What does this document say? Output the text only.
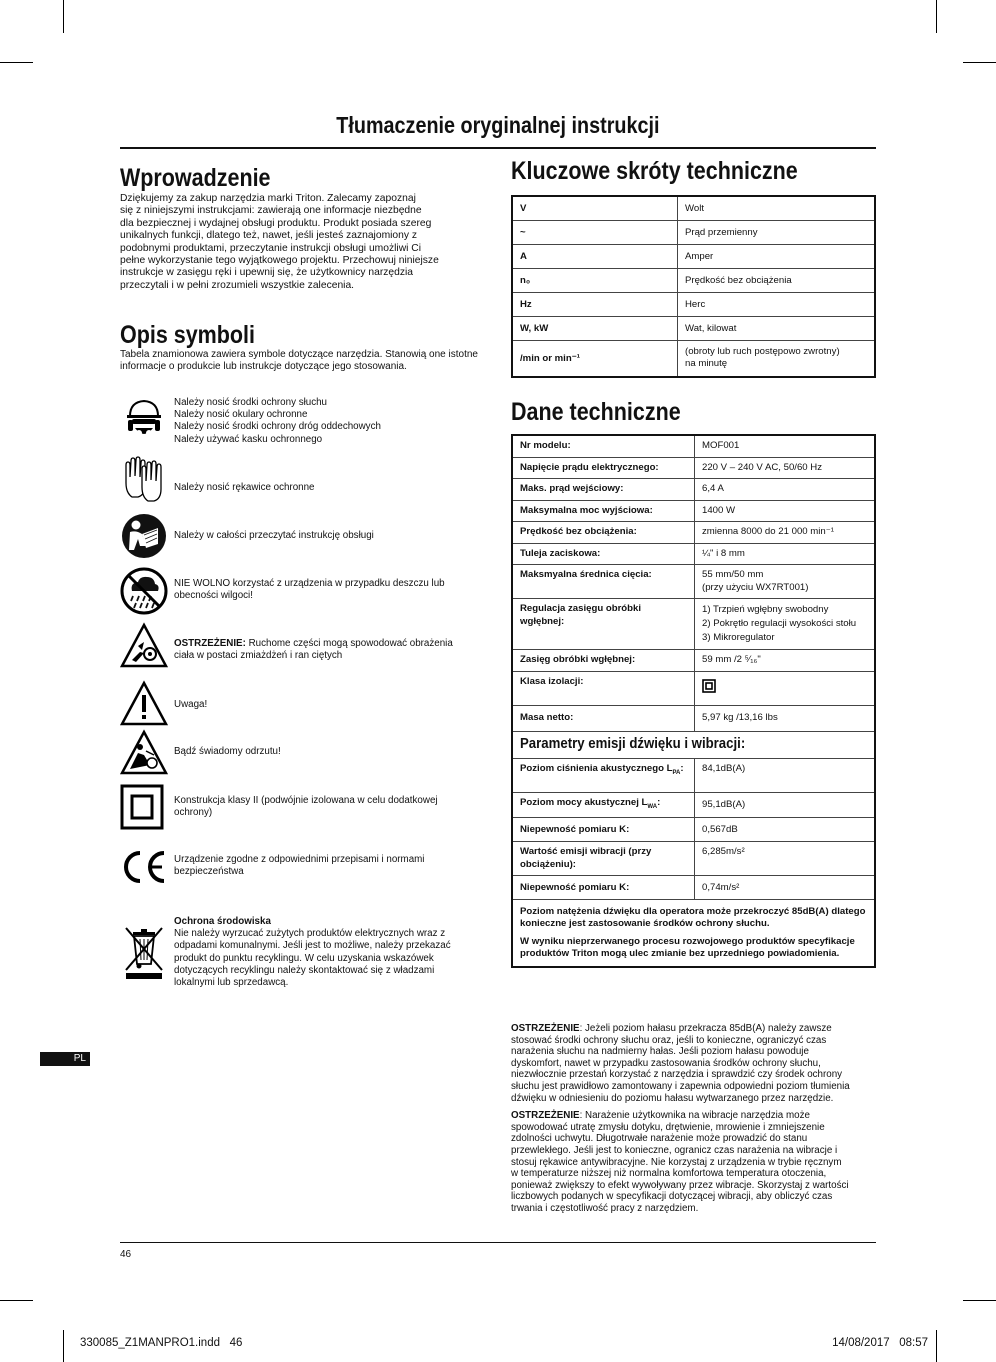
Tłumaczenie oryginalnej instrukcji
Wprowadzenie
Dziękujemy za zakup narzędzia marki Triton. Zalecamy zapoznaj
się z niniejszymi instrukcjami: zawierają one informacje niezbędne
dla bezpiecznej i wydajnej obsługi produktu. Produkt posiada szereg
unikalnych funkcji, dlatego też, nawet, jeśli jesteś zaznajomiony z
podobnymi produktami, przeczytanie instrukcji obsługi umożliwi Ci
pełne wykorzystanie tego wyjątkowego projektu. Przechowuj niniejsze
instrukcje w zasięgu ręki i upewnij się, że użytkownicy narzędzia
przeczytali i w pełni zrozumieli wszystkie zalecenia.
Opis symboli
Tabela znamionowa zawiera symbole dotyczące narzędzia. Stanowią one istotne
informacje o produkcie lub instrukcje dotyczące jego stosowania.
Należy nosić środki ochrony słuchu
Należy nosić okulary ochronne
Należy nosić środki ochrony dróg oddechowych
Należy używać kasku ochronnego
Należy nosić rękawice ochronne
Należy w całości przeczytać instrukcję obsługi
NIE WOLNO korzystać z urządzenia w przypadku deszczu lub
obecności wilgoci!
OSTRZEŻENIE: Ruchome części mogą spowodować obrażenia
ciała w postaci zmiażdżeń i ran ciętych
Uwaga!
Bądź świadomy odrzutu!
Konstrukcja klasy II (podwójnie izolowana w celu dodatkowej
ochrony)
Urządzenie zgodne z odpowiednimi przepisami i normami
bezpieczeństwa
Ochrona środowiska
Nie należy wyrzucać zużytych produktów elektrycznych wraz z
odpadami komunalnymi. Jeśli jest to możliwe, należy przekazać
produkt do punktu recyklingu. W celu uzyskania wskazówek
dotyczących recyklingu należy skontaktować się z władzami
lokalnymi lub sprzedawcą.
PL
Kluczowe skróty techniczne
V	Wolt
~	Prąd przemienny
A	Amper
n₀	Prędkość bez obciążenia
Hz	Herc
W, kW	Wat, kilowat
/min or min⁻¹	(obroty lub ruch postępowo zwrotny)
na minutę
Dane techniczne
Nr modelu:	MOF001
Napięcie prądu elektrycznego:	220 V – 240 V AC, 50/60 Hz
Maks. prąd wejściowy:	6,4 A
Maksymalna moc wyjściowa:	1400 W
Prędkość bez obciążenia:	zmienna 8000 do 21 000 min⁻¹
Tuleja zaciskowa:	¼" i 8 mm
Maksmyalna średnica cięcia:	55 mm/50 mm
(przy użyciu WX7RT001)

Regulacja zasięgu obróbki wgłębnej:	1) Trzpień wgłębny swobodny
2) Pokrętło regulacji wysokości stołu
3) Mikroregulator

Zasięg obróbki wgłębnej:	59 mm /2 ⁵⁄₁₆"
Klasa izolacji:	
Masa netto:	5,97 kg /13,16 lbs
Parametry emisji dźwięku i wibracji:	
Poziom ciśnienia akustycznego $L_{PA}$:	84,1dB(A)
Poziom mocy akustycznej $L_{WA}$:	95,1dB(A)
Niepewność pomiaru K:	0,567dB
Wartość emisji wibracji (przy obciążeniu):	6,285m/s²
Niepewność pomiaru K:	0,74m/s²

Poziom natężenia dźwięku dla operatora może przekroczyć 85dB(A) dlatego konieczne jest zastosowanie środków ochrony słuchu.
W wyniku nieprzerwanego procesu rozwojowego produktów specyfikacje produktów Triton mogą ulec zmianie bez uprzedniego powiadomienia.	

OSTRZEŻENIE: Jeżeli poziom hałasu przekracza 85dB(A) należy zawsze
stosować środki ochrony słuchu oraz, jeśli to konieczne, ograniczyć czas
narażenia słuchu na nadmierny hałas. Jeśli poziom hałasu powoduje
dyskomfort, nawet w przypadku zastosowania środków ochrony słuchu,
niezwłocznie przestań korzystać z narzędzia i sprawdzić czy środek ochrony
słuchu jest prawidłowo zamontowany i zapewnia odpowiedni poziom tłumienia
dźwięku w odniesieniu do poziomu hałasu wytwarzanego przez narzędzie.

OSTRZEŻENIE: Narażenie użytkownika na wibracje narzędzia może
spowodować utratę zmysłu dotyku, drętwienie, mrowienie i zmniejszenie
zdolności uchwytu. Długotrwałe narażenie może prowadzić do stanu
przewlekłego. Jeśli jest to konieczne, ogranicz czas narażenia na wibracje i
stosuj rękawice antywibracyjne. Nie korzystaj z urządzenia w trybie ręcznym
w temperaturze niższej niż normalna komfortowa temperatura otoczenia,
ponieważ zwiększy to efekt wywoływany przez wibracje. Skorzystaj z wartości
liczbowych podanych w specyfikacji dotyczącej wibracji, aby obliczyć czas
trwania i częstotliwość pracy z narzędziem.

46
330085_Z1MANPRO1.indd   46	14/08/2017   08:57
